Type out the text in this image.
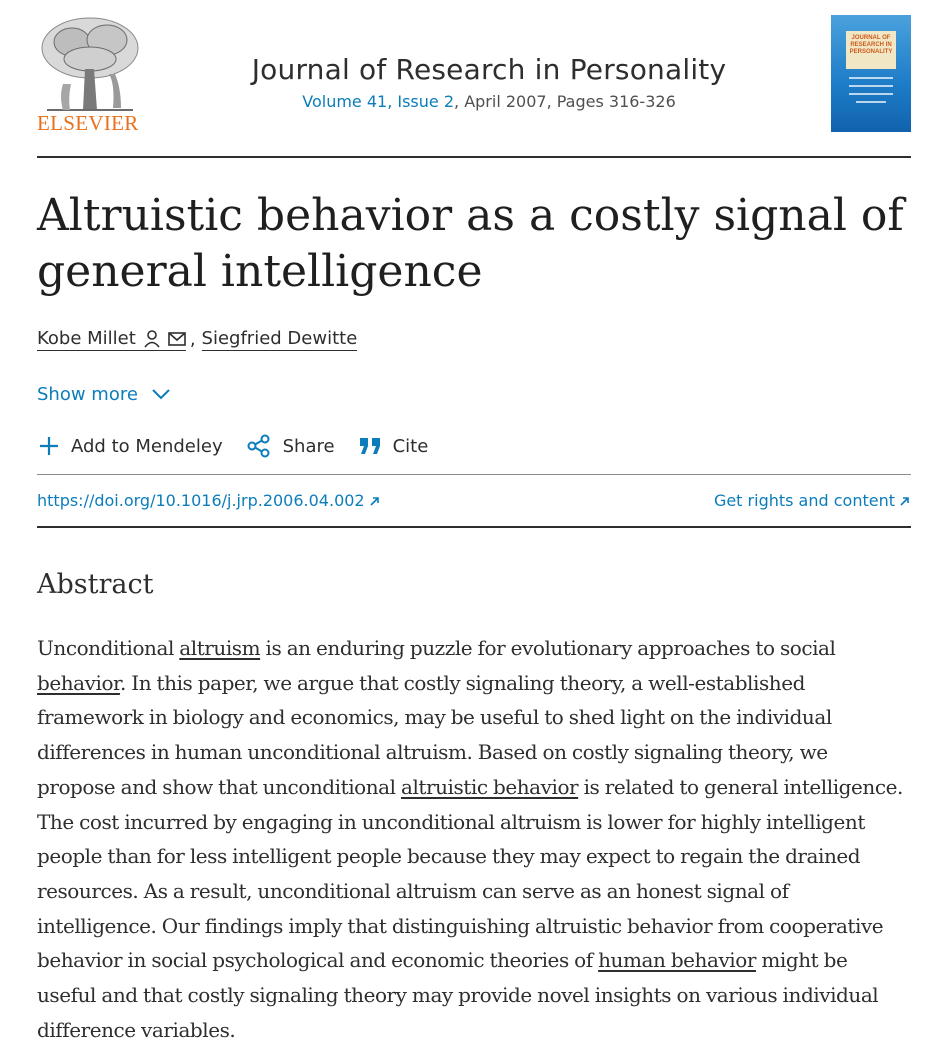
ELSEVIER
Journal of Research in Personality
Volume 41, Issue 2, April 2007, Pages 316-326
JOURNAL OF RESEARCH IN PERSONALITY
Altruistic behavior as a costly signal of general intelligence
Kobe Millet	, Siegfried Dewitte
Show more
Add to Mendeley	Share	Cite
https://doi.org/10.1016/j.jrp.2006.04.002	Get rights and content
Abstract

Unconditional altruism is an enduring puzzle for evolutionary approaches to social behavior. In this paper, we argue that costly signaling theory, a well-established framework in biology and economics, may be useful to shed light on the individual differences in human unconditional altruism. Based on costly signaling theory, we propose and show that unconditional altruistic behavior is related to general intelligence. The cost incurred by engaging in unconditional altruism is lower for highly intelligent people than for less intelligent people because they may expect to regain the drained resources. As a result, unconditional altruism can serve as an honest signal of intelligence. Our findings imply that distinguishing altruistic behavior from cooperative behavior in social psychological and economic theories of human behavior might be useful and that costly signaling theory may provide novel insights on various individual difference variables.
